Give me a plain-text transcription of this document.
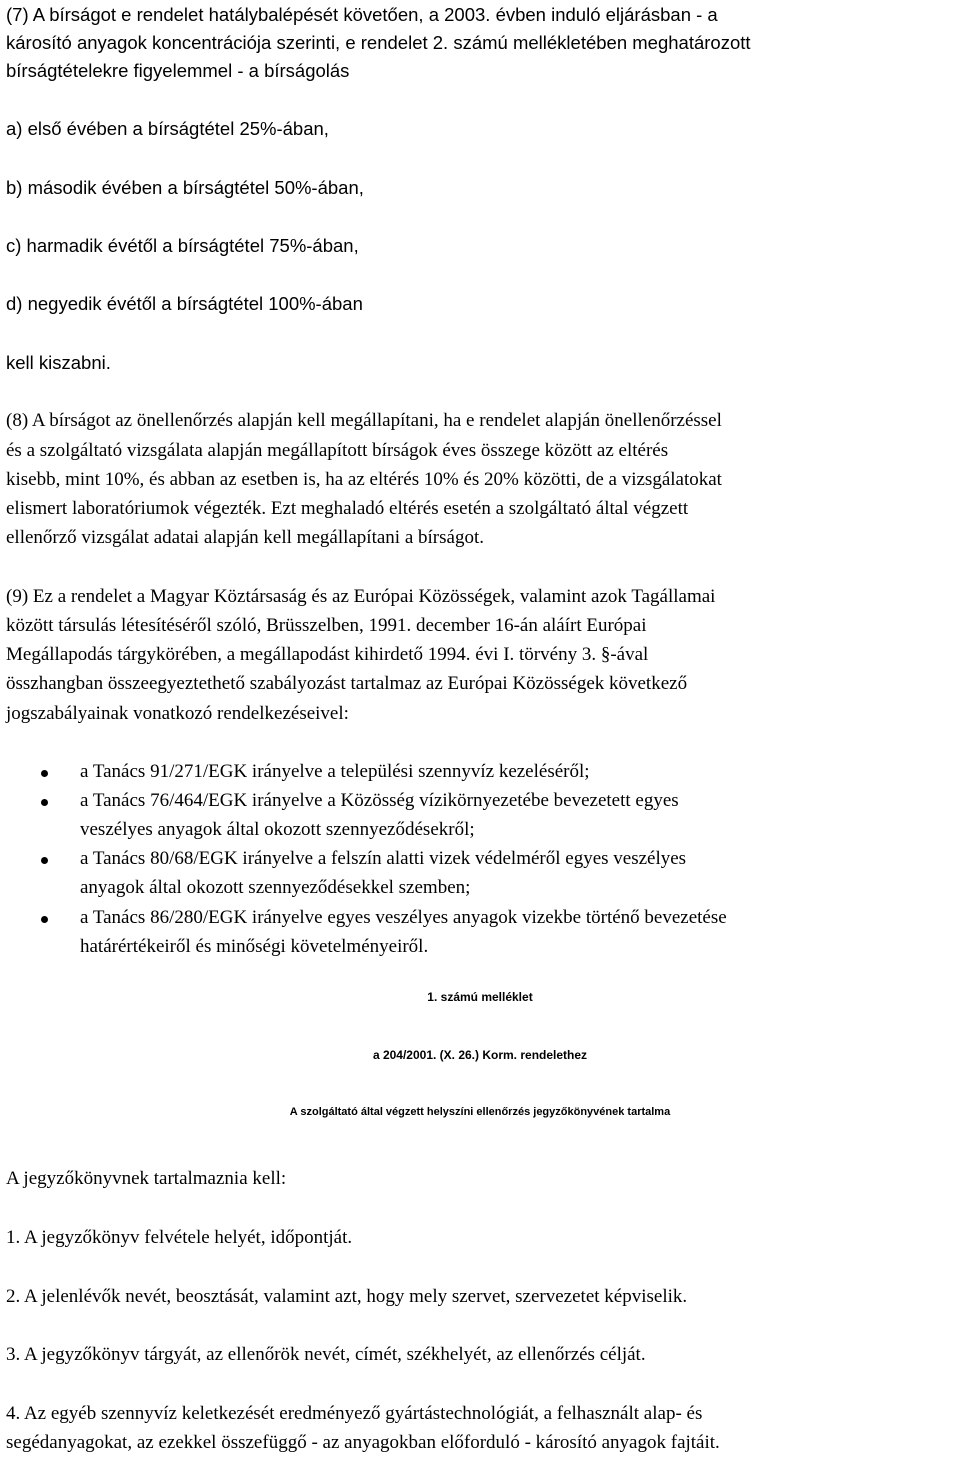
(7) A bírságot e rendelet hatálybalépését követően, a 2003. évben induló eljárásban - a
károsító anyagok koncentrációja szerinti, e rendelet 2. számú mellékletében meghatározott
bírságtételekre figyelemmel - a bírságolás
a) első évében a bírságtétel 25%-ában,
b) második évében a bírságtétel 50%-ában,
c) harmadik évétől a bírságtétel 75%-ában,
d) negyedik évétől a bírságtétel 100%-ában
kell kiszabni.
(8) A bírságot az önellenőrzés alapján kell megállapítani, ha e rendelet alapján önellenőrzéssel
és a szolgáltató vizsgálata alapján megállapított bírságok éves összege között az eltérés
kisebb, mint 10%, és abban az esetben is, ha az eltérés 10% és 20% közötti, de a vizsgálatokat
elismert laboratóriumok végezték. Ezt meghaladó eltérés esetén a szolgáltató által végzett
ellenőrző vizsgálat adatai alapján kell megállapítani a bírságot.
(9) Ez a rendelet a Magyar Köztársaság és az Európai Közösségek, valamint azok Tagállamai
között társulás létesítéséről szóló, Brüsszelben, 1991. december 16-án aláírt Európai
Megállapodás tárgykörében, a megállapodást kihirdető 1994. évi I. törvény 3. §-ával
összhangban összeegyeztethető szabályozást tartalmaz az Európai Közösségek következő
jogszabályainak vonatkozó rendelkezéseivel:
a Tanács 91/271/EGK irányelve a települési szennyvíz kezeléséről;
a Tanács 76/464/EGK irányelve a Közösség vízikörnyezetébe bevezetett egyes
veszélyes anyagok által okozott szennyeződésekről;
a Tanács 80/68/EGK irányelve a felszín alatti vizek védelméről egyes veszélyes
anyagok által okozott szennyeződésekkel szemben;
a Tanács 86/280/EGK irányelve egyes veszélyes anyagok vizekbe történő bevezetése
határértékeiről és minőségi követelményeiről.
1. számú melléklet
a 204/2001. (X. 26.) Korm. rendelethez
A szolgáltató által végzett helyszíni ellenőrzés jegyzőkönyvének tartalma
A jegyzőkönyvnek tartalmaznia kell:
1. A jegyzőkönyv felvétele helyét, időpontját.
2. A jelenlévők nevét, beosztását, valamint azt, hogy mely szervet, szervezetet képviselik.
3. A jegyzőkönyv tárgyát, az ellenőrök nevét, címét, székhelyét, az ellenőrzés célját.
4. Az egyéb szennyvíz keletkezését eredményező gyártástechnológiát, a felhasznált alap- és
segédanyagokat, az ezekkel összefüggő - az anyagokban előforduló - károsító anyagok fajtáit.
